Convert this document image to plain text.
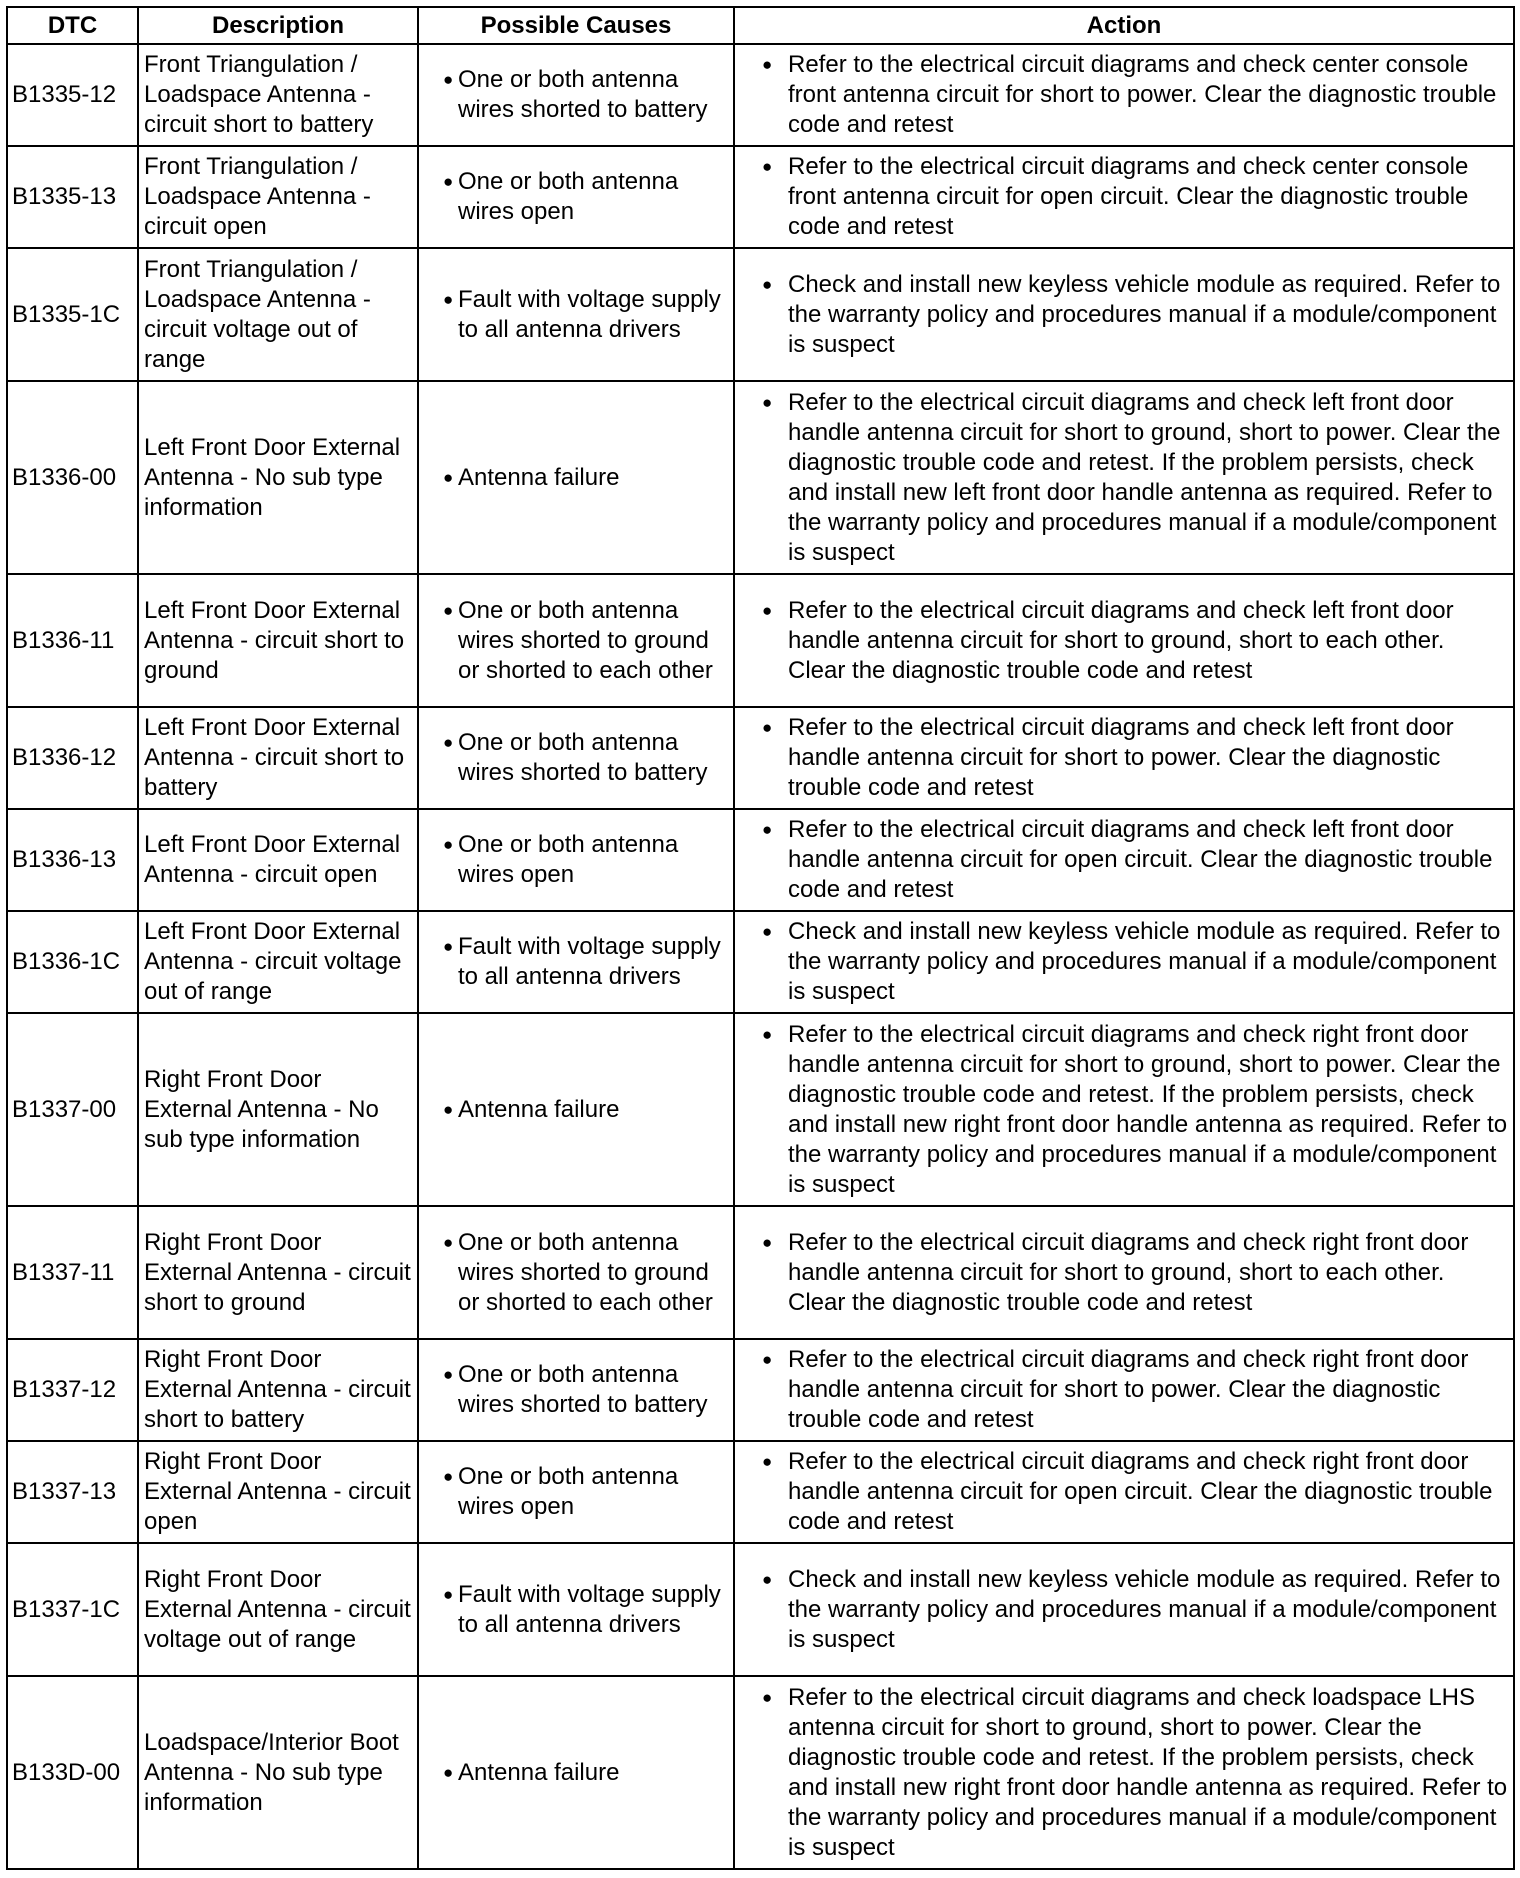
DTC	Description	Possible Causes	Action
B1335-12	Front Triangulation / Loadspace Antenna - circuit short to battery	● One or both antenna wires shorted to battery	● Refer to the electrical circuit diagrams and check center console front antenna circuit for short to power. Clear the diagnostic trouble code and retest

B1335-13	Front Triangulation / Loadspace Antenna - circuit open	● One or both antenna wires open	● Refer to the electrical circuit diagrams and check center console front antenna circuit for open circuit. Clear the diagnostic trouble code and retest

B1335-1C	Front Triangulation / Loadspace Antenna - circuit voltage out of range	● Fault with voltage supply to all antenna drivers	● Check and install new keyless vehicle module as required. Refer to the warranty policy and procedures manual if a module/component is suspect

B1336-00	Left Front Door External Antenna - No sub type information	● Antenna failure	● Refer to the electrical circuit diagrams and check left front door handle antenna circuit for short to ground, short to power. Clear the diagnostic trouble code and retest. If the problem persists, check and install new left front door handle antenna as required. Refer to the warranty policy and procedures manual if a module/component is suspect

B1336-11	Left Front Door External Antenna - circuit short to ground	● One or both antenna wires shorted to ground or shorted to each other	● Refer to the electrical circuit diagrams and check left front door handle antenna circuit for short to ground, short to each other. Clear the diagnostic trouble code and retest

B1336-12	Left Front Door External Antenna - circuit short to battery	● One or both antenna wires shorted to battery	● Refer to the electrical circuit diagrams and check left front door handle antenna circuit for short to power. Clear the diagnostic trouble code and retest

B1336-13	Left Front Door External Antenna - circuit open	● One or both antenna wires open	● Refer to the electrical circuit diagrams and check left front door handle antenna circuit for open circuit. Clear the diagnostic trouble code and retest

B1336-1C	Left Front Door External Antenna - circuit voltage out of range	● Fault with voltage supply to all antenna drivers	● Check and install new keyless vehicle module as required. Refer to the warranty policy and procedures manual if a module/component is suspect

B1337-00	Right Front Door External Antenna - No sub type information	● Antenna failure	● Refer to the electrical circuit diagrams and check right front door handle antenna circuit for short to ground, short to power. Clear the diagnostic trouble code and retest. If the problem persists, check and install new right front door handle antenna as required. Refer to the warranty policy and procedures manual if a module/component is suspect

B1337-11	Right Front Door External Antenna - circuit short to ground	● One or both antenna wires shorted to ground or shorted to each other	● Refer to the electrical circuit diagrams and check right front door handle antenna circuit for short to ground, short to each other. Clear the diagnostic trouble code and retest

B1337-12	Right Front Door External Antenna - circuit short to battery	● One or both antenna wires shorted to battery	● Refer to the electrical circuit diagrams and check right front door handle antenna circuit for short to power. Clear the diagnostic trouble code and retest

B1337-13	Right Front Door External Antenna - circuit open	● One or both antenna wires open	● Refer to the electrical circuit diagrams and check right front door handle antenna circuit for open circuit. Clear the diagnostic trouble code and retest

B1337-1C	Right Front Door External Antenna - circuit voltage out of range	● Fault with voltage supply to all antenna drivers	● Check and install new keyless vehicle module as required. Refer to the warranty policy and procedures manual if a module/component is suspect

B133D-00	Loadspace/Interior Boot Antenna - No sub type information	● Antenna failure	● Refer to the electrical circuit diagrams and check loadspace LHS antenna circuit for short to ground, short to power. Clear the diagnostic trouble code and retest. If the problem persists, check and install new right front door handle antenna as required. Refer to the warranty policy and procedures manual if a module/component is suspect
